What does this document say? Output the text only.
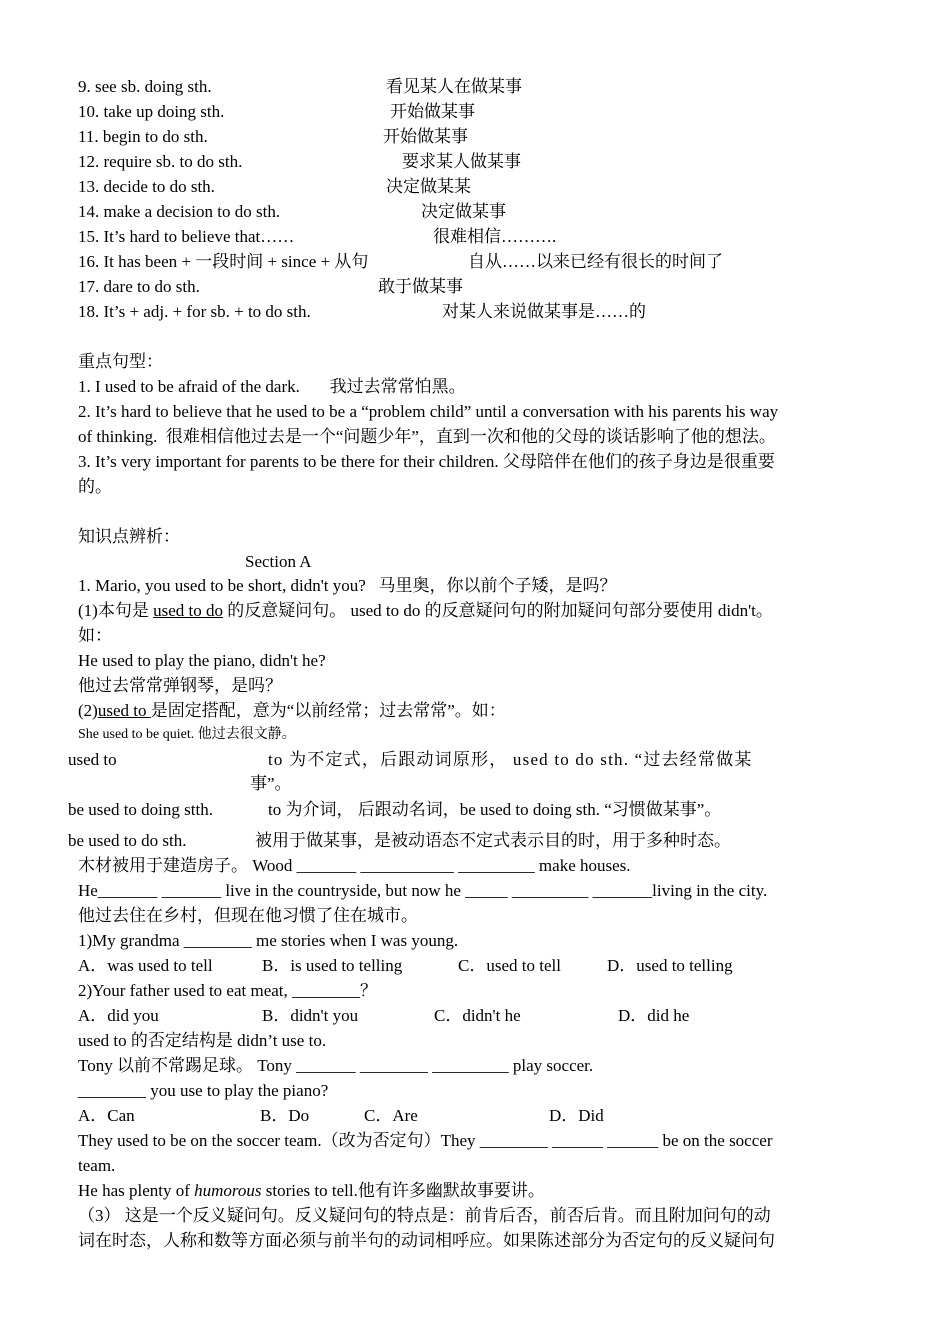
9. see sb. doing sth.	看见某人在做某事
10. take up doing sth.	开始做某事
11. begin to do sth.	开始做某事
12. require sb. to do sth.	要求某人做某事
13. decide to do sth.	决定做某某
14. make a decision to do sth.	决定做某事
15. It’s hard to believe that……	很难相信……….
16. It has been + 一段时间 + since + 从句	自从……以来已经有很长的时间了
17. dare to do sth.	敢于做某事
18. It’s + adj. + for sb. + to do sth.	对某人来说做某事是……的
重点句型：
1. I used to be afraid of the dark.       我过去常常怕黑。
2. It’s hard to believe that he used to be a “problem child” until a conversation with his parents his way
of thinking.  很难相信他过去是一个“问题少年”，直到一次和他的父母的谈话影响了他的想法。
3. It’s very important for parents to be there for their children. 父母陪伴在他们的孩子身边是很重要
的。
知识点辨析：
Section A
1. Mario, you used to be short, didn't you?   马里奥，你以前个子矮，是吗？
(1)本句是 used to do 的反意疑问句。 used to do 的反意疑问句的附加疑问句部分要使用 didn't。
如：
He used to play the piano, didn't he?
他过去常常弹钢琴，是吗？
(2)used to 是固定搭配，意为“以前经常；过去常常”。如：
She used to be quiet. 他过去很文静。
used to	to 为不定式，后跟动词原形， used to do sth. “过去经常做某
事”。
be used to doing stth.	to 为介词， 后跟动名词，be used to doing sth. “习惯做某事”。
be used to do sth.	被用于做某事，是被动语态不定式表示目的时，用于多种时态。
木材被用于建造房子。 Wood _______ ___________ _________ make houses.
He_______ _______ live in the countryside, but now he _____ _________ _______living in the city.
他过去住在乡村，但现在他习惯了住在城市。
1)My grandma ________ me stories when I was young.
A．was used to tell	B．is used to telling	C．used to tell	D．used to telling
2)Your father used to eat meat, ________？
A．did you	B．didn't you	C．didn't he	D．did he
used to 的否定结构是 didn’t use to.
Tony 以前不常踢足球。 Tony _______ ________ _________ play soccer.
________ you use to play the piano?
A．Can	B．Do	C．Are	D．Did
They used to be on the soccer team.（改为否定句）They ________ ______ ______ be on the soccer
team.
He has plenty of humorous stories to tell.他有许多幽默故事要讲。
（3） 这是一个反义疑问句。反义疑问句的特点是：前肯后否，前否后肯。而且附加问句的动
词在时态，人称和数等方面必须与前半句的动词相呼应。如果陈述部分为否定句的反义疑问句
